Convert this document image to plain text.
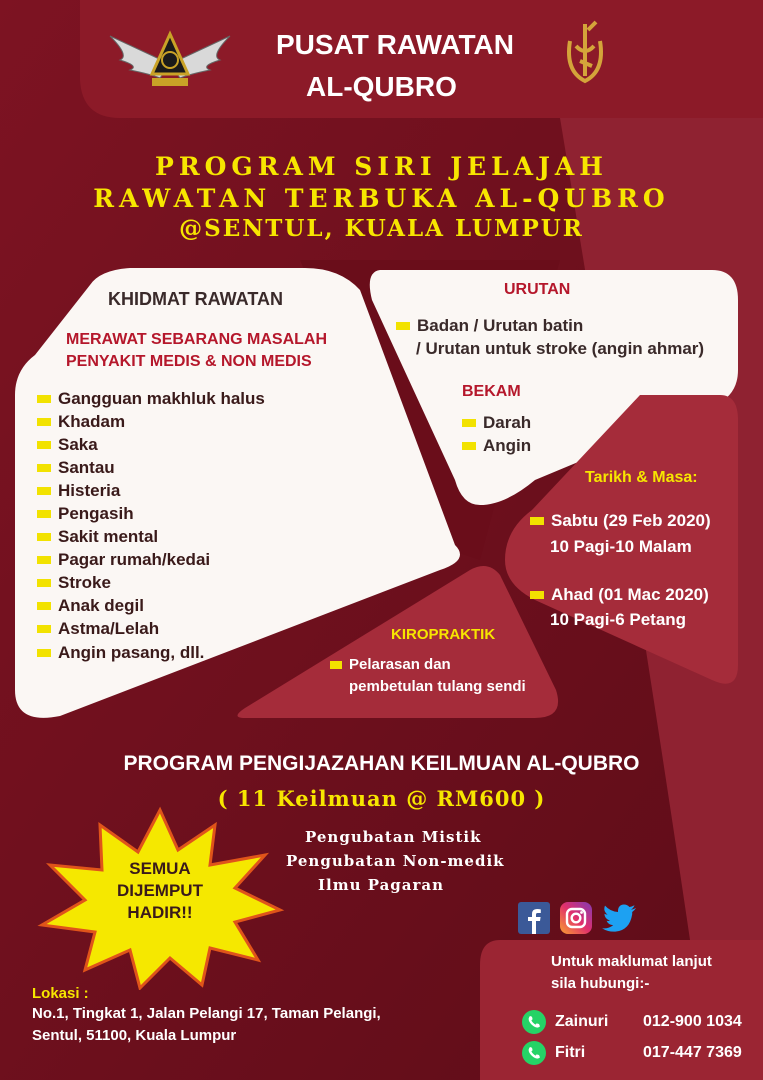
PUSAT RAWATAN
AL-QUBRO
PROGRAM SIRI JELAJAH
RAWATAN TERBUKA AL-QUBRO
@SENTUL, KUALA LUMPUR
KHIDMAT RAWATAN
MERAWAT SEBARANG MASALAH
PENYAKIT MEDIS & NON MEDIS
Gangguan makhluk halus
Khadam
Saka
Santau
Histeria
Pengasih
Sakit mental
Pagar rumah/kedai
Stroke
Anak degil
Astma/Lelah
Angin pasang, dll.
URUTAN
Badan / Urutan batin
/ Urutan untuk stroke (angin ahmar)
BEKAM
Darah
Angin
Tarikh & Masa:
Sabtu (29 Feb 2020)
10 Pagi-10 Malam
Ahad (01 Mac 2020)
10 Pagi-6 Petang
KIROPRAKTIK
Pelarasan dan
pembetulan tulang sendi
PROGRAM PENGIJAZAHAN KEILMUAN AL-QUBRO
( 11 Keilmuan @ RM600 )
Pengubatan Mistik
Pengubatan Non-medik
Ilmu Pagaran
SEMUA
DIJEMPUT
HADIR!!
Lokasi :
No.1, Tingkat 1, Jalan Pelangi 17, Taman Pelangi,
Sentul, 51100, Kuala Lumpur
Untuk maklumat lanjut
sila hubungi:-
Zainuri	012-900 1034
Fitri	017-447 7369
